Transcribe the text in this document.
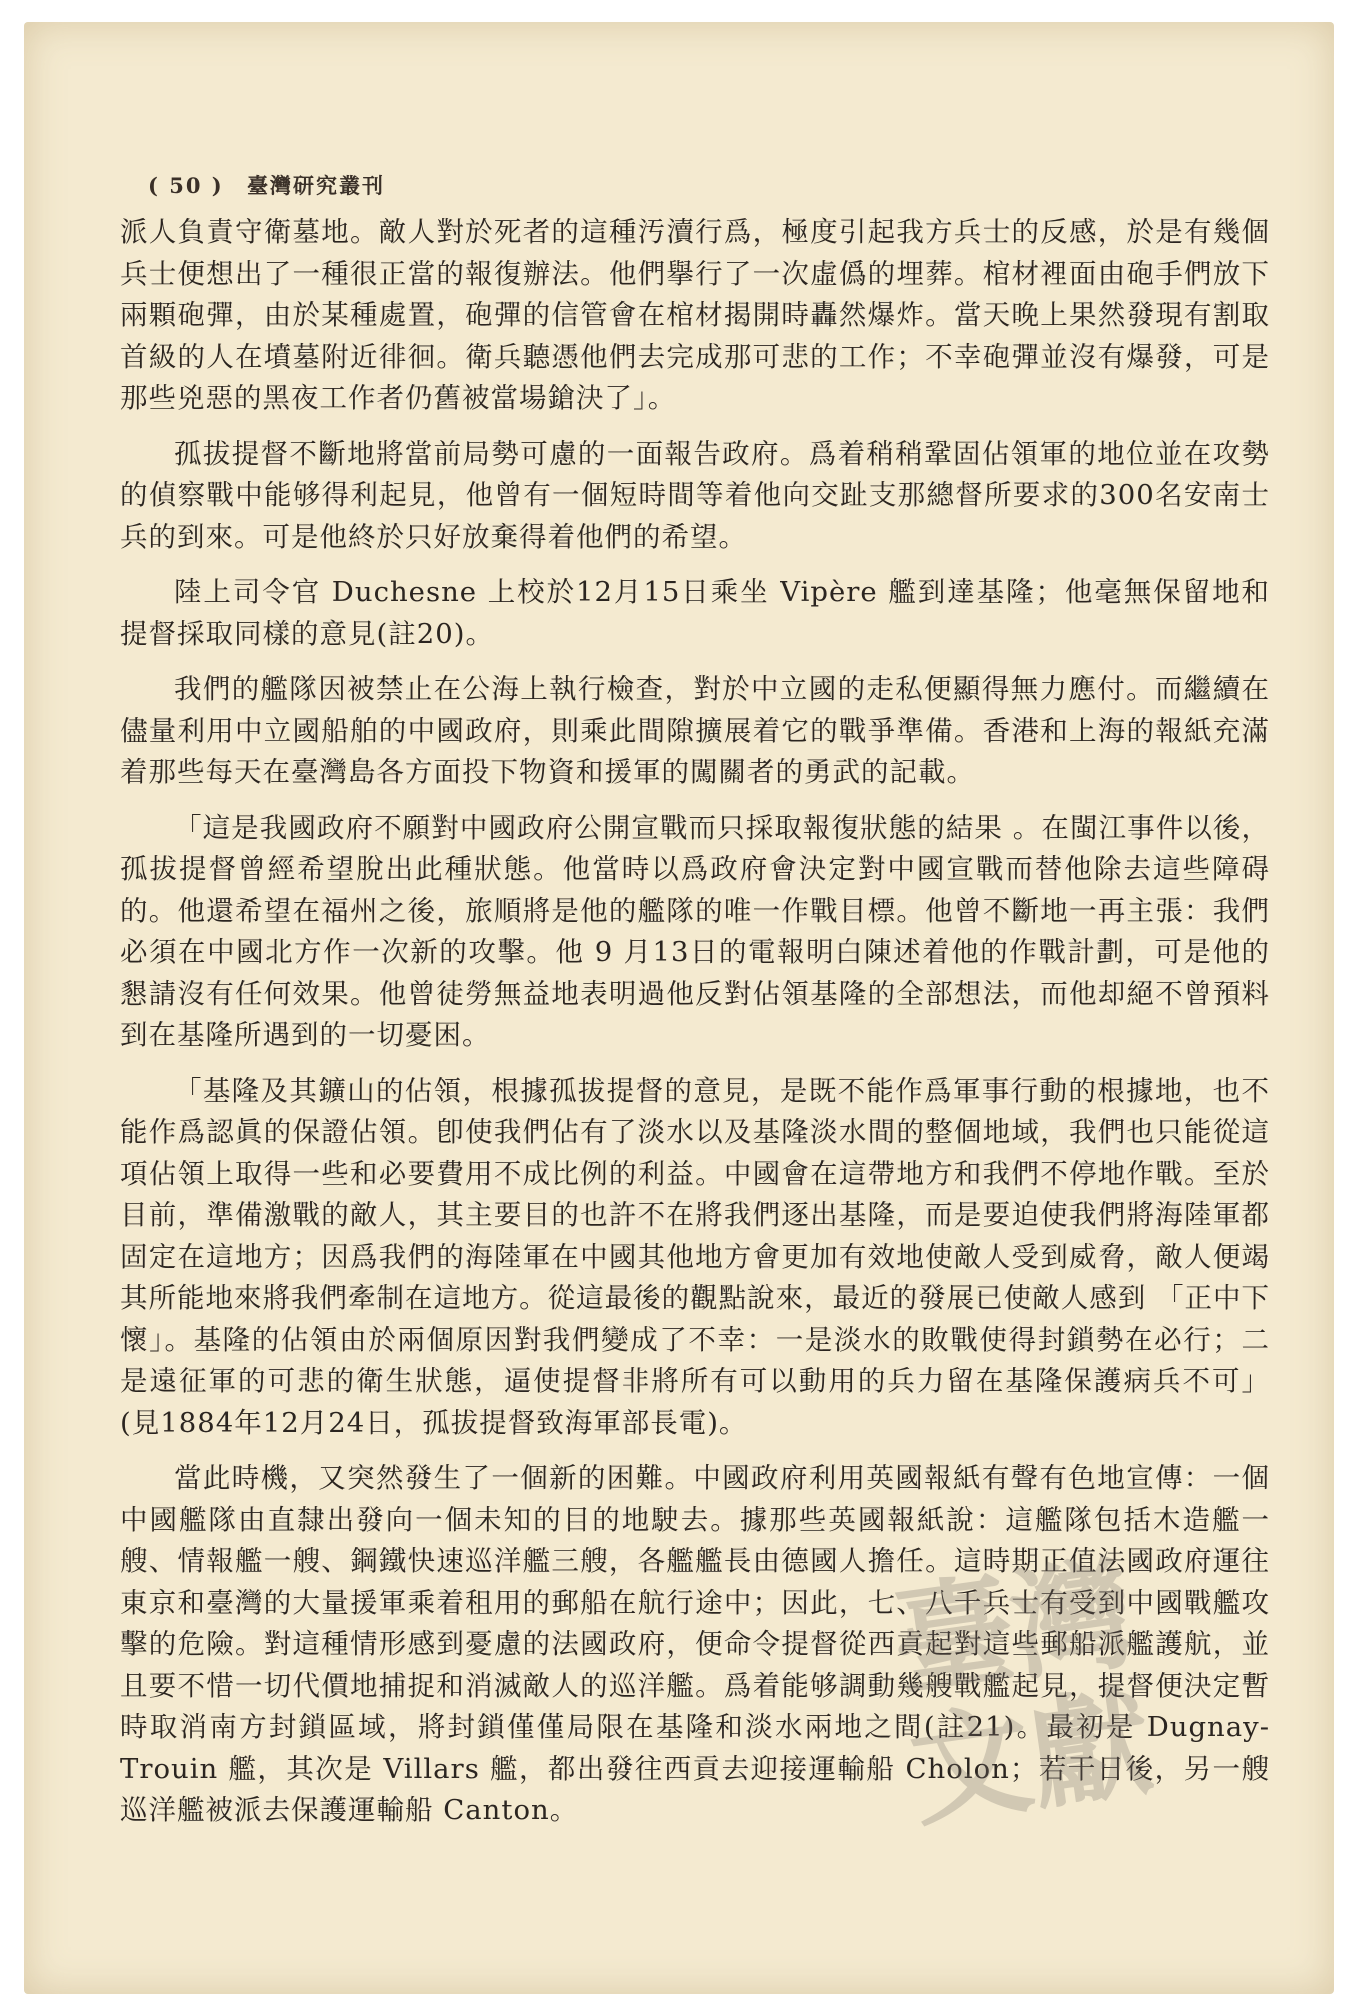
( 50 ) 臺灣研究叢刊

派人負責守衛墓地。敵人對於死者的這種汚瀆行爲，極度引起我方兵士的反感，於是有幾個兵士便想出了一種很正當的報復辦法。他們擧行了一次虛僞的埋葬。棺材裡面由砲手們放下兩顆砲彈，由於某種處置，砲彈的信管會在棺材揭開時轟然爆炸。當天晚上果然發現有割取首級的人在墳墓附近徘徊。衛兵聽憑他們去完成那可悲的工作；不幸砲彈並沒有爆發，可是那些兇惡的黑夜工作者仍舊被當場鎗決了」。

孤拔提督不斷地將當前局勢可慮的一面報告政府。爲着稍稍鞏固佔領軍的地位並在攻勢的偵察戰中能够得利起見，他曾有一個短時間等着他向交趾支那總督所要求的300名安南士兵的到來。可是他終於只好放棄得着他們的希望。

陸上司令官 Duchesne 上校於12月15日乘坐 Vipère 艦到達基隆；他毫無保留地和提督採取同樣的意見(註20)。

我們的艦隊因被禁止在公海上執行檢查，對於中立國的走私便顯得無力應付。而繼續在儘量利用中立國船舶的中國政府，則乘此間隙擴展着它的戰爭準備。香港和上海的報紙充滿着那些每天在臺灣島各方面投下物資和援軍的闖關者的勇武的記載。

「這是我國政府不願對中國政府公開宣戰而只採取報復狀態的結果 。在閩江事件以後，孤拔提督曾經希望脫出此種狀態。他當時以爲政府會決定對中國宣戰而替他除去這些障碍的。他還希望在福州之後，旅順將是他的艦隊的唯一作戰目標。他曾不斷地一再主張：我們必須在中國北方作一次新的攻擊。他 9 月13日的電報明白陳述着他的作戰計劃，可是他的懇請沒有任何效果。他曾徒勞無益地表明過他反對佔領基隆的全部想法，而他却絕不曾預料到在基隆所遇到的一切憂困。

「基隆及其鑛山的佔領，根據孤拔提督的意見，是既不能作爲軍事行動的根據地，也不能作爲認眞的保證佔領。卽使我們佔有了淡水以及基隆淡水間的整個地域，我們也只能從這項佔領上取得一些和必要費用不成比例的利益。中國會在這帶地方和我們不停地作戰。至於目前，準備激戰的敵人，其主要目的也許不在將我們逐出基隆，而是要迫使我們將海陸軍都固定在這地方；因爲我們的海陸軍在中國其他地方會更加有效地使敵人受到威脅，敵人便竭其所能地來將我們牽制在這地方。從這最後的觀點說來，最近的發展已使敵人感到 「正中下懷」。基隆的佔領由於兩個原因對我們變成了不幸：一是淡水的敗戰使得封鎖勢在必行；二是遠征軍的可悲的衛生狀態，逼使提督非將所有可以動用的兵力留在基隆保護病兵不可」(見1884年12月24日，孤拔提督致海軍部長電)。

當此時機，又突然發生了一個新的困難。中國政府利用英國報紙有聲有色地宣傳：一個中國艦隊由直隸出發向一個未知的目的地駛去。據那些英國報紙說：這艦隊包括木造艦一艘、情報艦一艘、鋼鐵快速巡洋艦三艘，各艦艦長由德國人擔任。這時期正值法國政府運往東京和臺灣的大量援軍乘着租用的郵船在航行途中；因此，七、八千兵士有受到中國戰艦攻擊的危險。對這種情形感到憂慮的法國政府，便命令提督從西貢起對這些郵船派艦護航，並且要不惜一切代價地捕捉和消滅敵人的巡洋艦。爲着能够調動幾艘戰艦起見，提督便決定暫時取消南方封鎖區域，將封鎖僅僅局限在基隆和淡水兩地之間(註21)。最初是 Dugnay-Trouin 艦，其次是 Villars 艦，都出發往西貢去迎接運輸船 Cholon；若干日後，另一艘巡洋艦被派去保護運輸船 Canton。

臺灣
文獻
